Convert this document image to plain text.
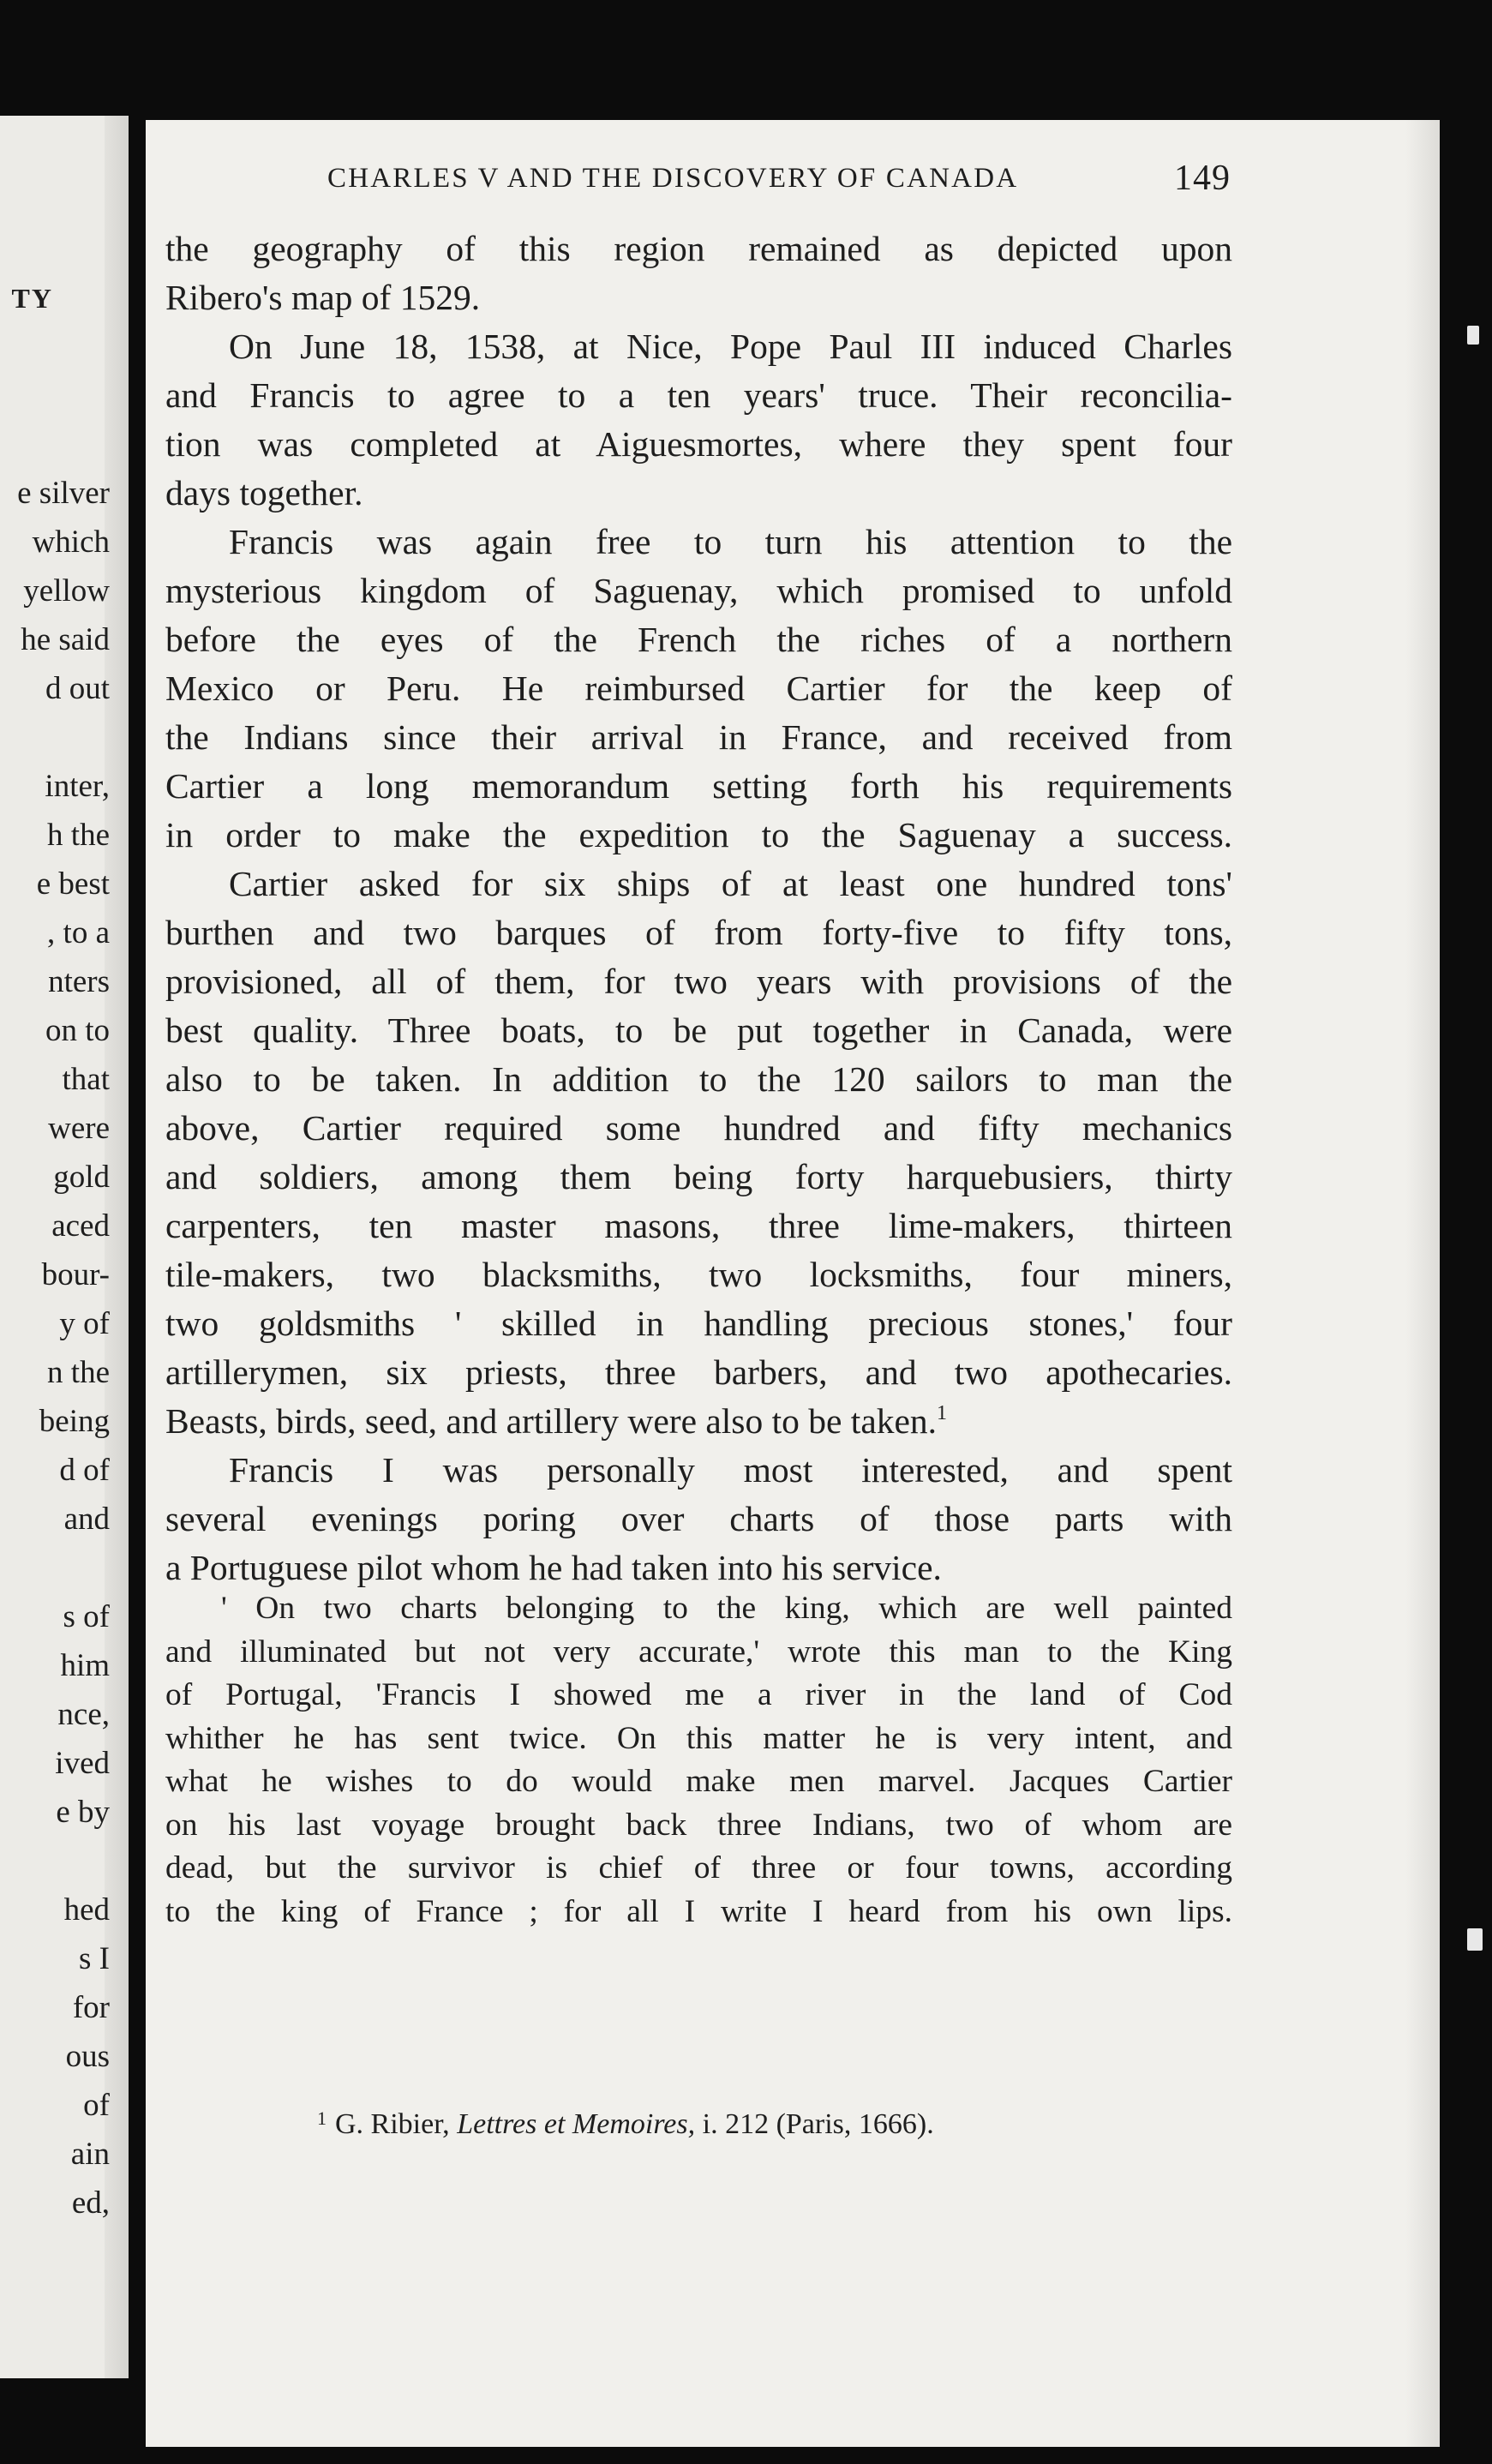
TY
e silver
which
yellow
he said
d out
inter,
h the
e best
, to a
nters
on to
that
were
gold
aced
bour-
y of
n the
being
d of
and
s of
him
nce,
ived
e by
hed
s I
for
ous
of
ain
ed,
CHARLES V AND THE DISCOVERY OF CANADA	149
the geography of this region remained as depicted upon
Ribero's map of 1529.
On June 18, 1538, at Nice, Pope Paul III induced Charles
and Francis to agree to a ten years' truce. Their reconcilia-
tion was completed at Aiguesmortes, where they spent four
days together.
Francis was again free to turn his attention to the
mysterious kingdom of Saguenay, which promised to unfold
before the eyes of the French the riches of a northern
Mexico or Peru. He reimbursed Cartier for the keep of
the Indians since their arrival in France, and received from
Cartier a long memorandum setting forth his requirements
in order to make the expedition to the Saguenay a success.
Cartier asked for six ships of at least one hundred tons'
burthen and two barques of from forty-five to fifty tons,
provisioned, all of them, for two years with provisions of the
best quality. Three boats, to be put together in Canada, were
also to be taken. In addition to the 120 sailors to man the
above, Cartier required some hundred and fifty mechanics
and soldiers, among them being forty harquebusiers, thirty
carpenters, ten master masons, three lime-makers, thirteen
tile-makers, two blacksmiths, two locksmiths, four miners,
two goldsmiths ' skilled in handling precious stones,' four
artillerymen, six priests, three barbers, and two apothecaries.
Beasts, birds, seed, and artillery were also to be taken.$^1$
Francis I was personally most interested, and spent
several evenings poring over charts of those parts with
a Portuguese pilot whom he had taken into his service.
' On two charts belonging to the king, which are well painted
and illuminated but not very accurate,' wrote this man to the King
of Portugal, 'Francis I showed me a river in the land of Cod
whither he has sent twice. On this matter he is very intent, and
what he wishes to do would make men marvel. Jacques Cartier
on his last voyage brought back three Indians, two of whom are
dead, but the survivor is chief of three or four towns, according
to the king of France ; for all I write I heard from his own lips.
$^1$ G. Ribier, Lettres et Memoires, i. 212 (Paris, 1666).
